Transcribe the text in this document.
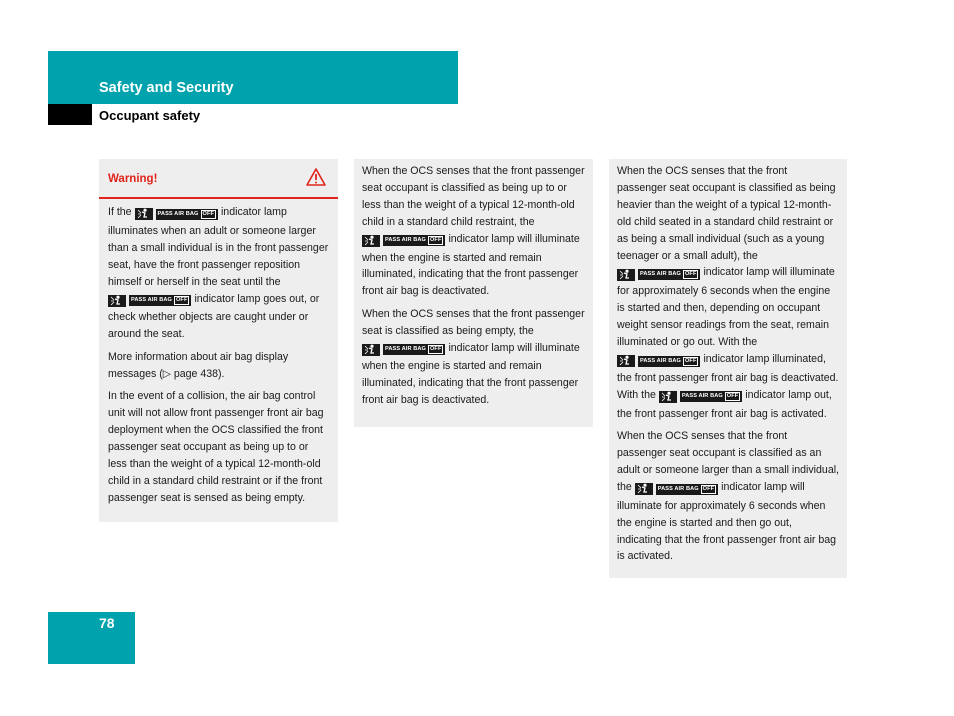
Safety and Security
Occupant safety
Warning!

If the	PASS AIR BAG OFF indicator lamp illuminates when an adult or someone larger than a small individual is in the front passenger seat, have the front passenger reposition himself or herself in the seat until the
PASS AIR BAG OFF indicator lamp goes out, or check whether objects are caught under or around the seat.

More information about air bag display messages (▷ page 438).

In the event of a collision, the air bag control unit will not allow front passenger front air bag deployment when the OCS classified the front passenger seat occupant as being up to or less than the weight of a typical 12-month-old child in a standard child restraint or if the front passenger seat is sensed as being empty.

When the OCS senses that the front passenger seat occupant is classified as being up to or less than the weight of a typical 12-month-old child in a standard child restraint, the
PASS AIR BAG OFF indicator lamp will illuminate when the engine is started and remain illuminated, indicating that the front passenger front air bag is deactivated.

When the OCS senses that the front passenger seat is classified as being empty, the
PASS AIR BAG OFF indicator lamp will illuminate when the engine is started and remain illuminated, indicating that the front passenger front air bag is deactivated.

When the OCS senses that the front passenger seat occupant is classified as being heavier than the weight of a typical 12-month-old child seated in a standard child restraint or as being a small individual (such as a young teenager or a small adult), the
PASS AIR BAG OFF indicator lamp will illuminate for approximately 6 seconds when the engine is started and then, depending on occupant weight sensor readings from the seat, remain illuminated or go out. With the
PASS AIR BAG OFF indicator lamp illuminated, the front passenger front air bag is deactivated. With the	PASS AIR BAG OFF indicator lamp out, the front passenger front air bag is activated.

When the OCS senses that the front passenger seat occupant is classified as an adult or someone larger than a small individual, the	PASS AIR BAG OFF indicator lamp will illuminate for approximately 6 seconds when the engine is started and then go out, indicating that the front passenger front air bag is activated.

78
